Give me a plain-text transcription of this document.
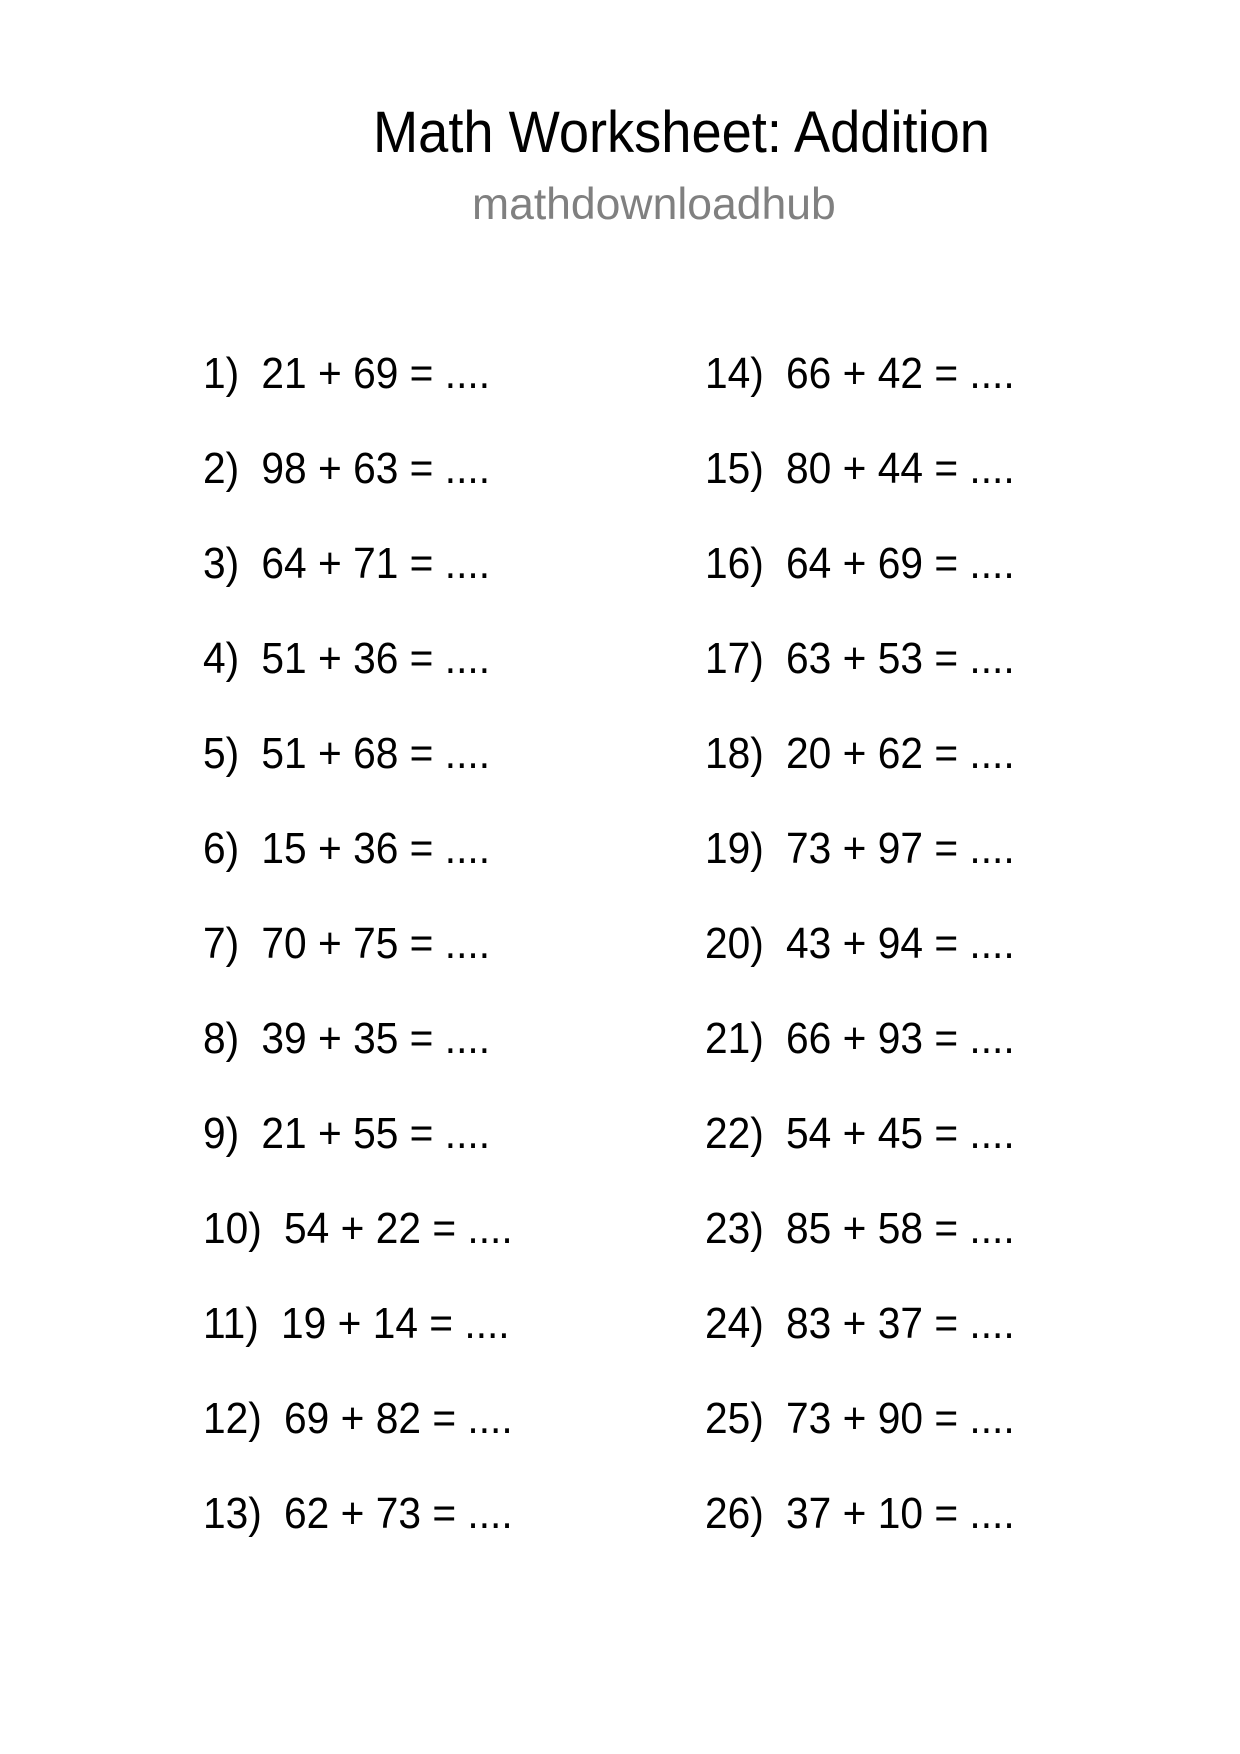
Math Worksheet: Addition
mathdownloadhub
1) 21 + 69 = ....
2) 98 + 63 = ....
3) 64 + 71 = ....
4) 51 + 36 = ....
5) 51 + 68 = ....
6) 15 + 36 = ....
7) 70 + 75 = ....
8) 39 + 35 = ....
9) 21 + 55 = ....
10) 54 + 22 = ....
11) 19 + 14 = ....
12) 69 + 82 = ....
13) 62 + 73 = ....
14) 66 + 42 = ....
15) 80 + 44 = ....
16) 64 + 69 = ....
17) 63 + 53 = ....
18) 20 + 62 = ....
19) 73 + 97 = ....
20) 43 + 94 = ....
21) 66 + 93 = ....
22) 54 + 45 = ....
23) 85 + 58 = ....
24) 83 + 37 = ....
25) 73 + 90 = ....
26) 37 + 10 = ....
